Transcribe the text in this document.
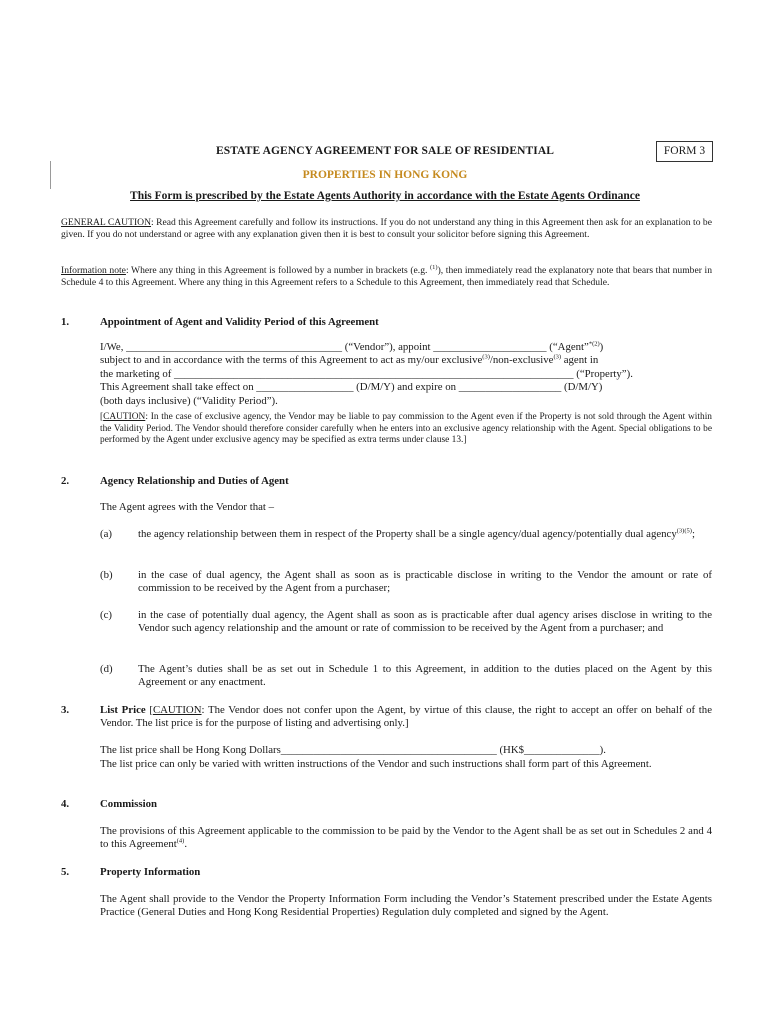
ESTATE AGENCY AGREEMENT FOR SALE OF RESIDENTIAL	FORM 3
PROPERTIES IN HONG KONG
This Form is prescribed by the Estate Agents Authority in accordance with the Estate Agents Ordinance
GENERAL CAUTION: Read this Agreement carefully and follow its instructions. If you do not understand any thing in this Agreement then ask for an explanation to be given. If you do not understand or agree with any explanation given then it is best to consult your solicitor before signing this Agreement.
Information note: Where any thing in this Agreement is followed by a number in brackets (e.g. $^{(1)}$), then immediately read the explanatory note that bears that number in Schedule 4 to this Agreement. Where any thing in this Agreement refers to a Schedule to this Agreement, then immediately read that Schedule.
1.	Appointment of Agent and Validity Period of this Agreement
I/We, ________________________________________ (“Vendor”), appoint _____________________ (“Agent”$^{*(2)}$)
subject to and in accordance with the terms of this Agreement to act as my/our exclusive$^{(3)}$/non-exclusive$^{(3)}$ agent in
the marketing of __________________________________________________________________________ (“Property”).
This Agreement shall take effect on __________________ (D/M/Y) and expire on ___________________ (D/M/Y)
(both days inclusive) (“Validity Period”).
[CAUTION: In the case of exclusive agency, the Vendor may be liable to pay commission to the Agent even if the Property is not sold through the Agent within the Validity Period. The Vendor should therefore consider carefully when he enters into an exclusive agency relationship with the Agent. Special obligations to be performed by the Agent under exclusive agency may be specified as extra terms under clause 13.]
2.	Agency Relationship and Duties of Agent
The Agent agrees with the Vendor that –
(a) the agency relationship between them in respect of the Property shall be a single agency/dual agency/potentially dual agency$^{(3)(5)}$;
(b) in the case of dual agency, the Agent shall as soon as is practicable disclose in writing to the Vendor the amount or rate of commission to be received by the Agent from a purchaser;
(c) in the case of potentially dual agency, the Agent shall as soon as is practicable after dual agency arises disclose in writing to the Vendor such agency relationship and the amount or rate of commission to be received by the Agent from a purchaser; and
(d) The Agent’s duties shall be as set out in Schedule 1 to this Agreement, in addition to the duties placed on the Agent by this Agreement or any enactment.
3.	List Price [CAUTION: The Vendor does not confer upon the Agent, by virtue of this clause, the right to accept an offer on behalf of the Vendor. The list price is for the purpose of listing and advertising only.]
The list price shall be Hong Kong Dollars________________________________________ (HK$______________).
The list price can only be varied with written instructions of the Vendor and such instructions shall form part of this Agreement.
4.	Commission
The provisions of this Agreement applicable to the commission to be paid by the Vendor to the Agent shall be as set out in Schedules 2 and 4 to this Agreement$^{(4)}$.
5.	Property Information
The Agent shall provide to the Vendor the Property Information Form including the Vendor’s Statement prescribed under the Estate Agents Practice (General Duties and Hong Kong Residential Properties) Regulation duly completed and signed by the Agent.
